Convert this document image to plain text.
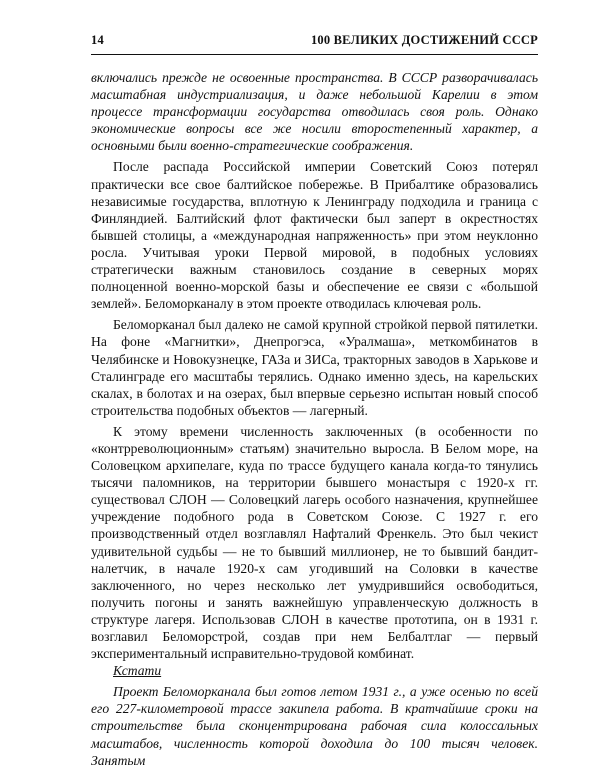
14	100 ВЕЛИКИХ ДОСТИЖЕНИЙ СССР

включались прежде не освоенные пространства. В СССР разворачивалась масштабная индустриализация, и даже небольшой Карелии в этом процессе трансформации государства отводилась своя роль. Однако экономические вопросы все же носили второстепенный характер, а основными были военно-стратегические соображения.

После распада Российской империи Советский Союз потерял практически все свое балтийское побережье. В Прибалтике образовались независимые государства, вплотную к Ленинграду подходила и граница с Финляндией. Балтийский флот фактически был заперт в окрестностях бывшей столицы, а «международная напряженность» при этом неуклонно росла. Учитывая уроки Первой мировой, в подобных условиях стратегически важным становилось создание в северных морях полноценной военно-морской базы и обеспечение ее связи с «большой землей». Беломорканалу в этом проекте отводилась ключевая роль.

Беломорканал был далеко не самой крупной стройкой первой пятилетки. На фоне «Магнитки», Днепрогэса, «Уралмаша», меткомбинатов в Челябинске и Новокузнецке, ГАЗа и ЗИСа, тракторных заводов в Харькове и Сталинграде его масштабы терялись. Однако именно здесь, на карельских скалах, в болотах и на озерах, был впервые серьезно испытан новый способ строительства подобных объектов — лагерный.

К этому времени численность заключенных (в особенности по «контрреволюционным» статьям) значительно выросла. В Белом море, на Соловецком архипелаге, куда по трассе будущего канала когда-то тянулись тысячи паломников, на территории бывшего монастыря с 1920-х гг. существовал СЛОН — Соловецкий лагерь особого назначения, крупнейшее учреждение подобного рода в Советском Союзе. С 1927 г. его производственный отдел возглавлял Нафталий Френкель. Это был чекист удивительной судьбы — не то бывший миллионер, не то бывший бандит-налетчик, в начале 1920-х сам угодивший на Соловки в качестве заключенного, но через несколько лет умудрившийся освободиться, получить погоны и занять важнейшую управленческую должность в структуре лагеря. Использовав СЛОН в качестве прототипа, он в 1931 г. возглавил Беломорстрой, создав при нем Белбалтлаг — первый экспериментальный исправительно-трудовой комбинат.

Кстати

Проект Беломорканала был готов летом 1931 г., а уже осенью по всей его 227-километровой трассе закипела работа. В кратчайшие сроки на строительстве была сконцентрирована рабочая сила колоссальных масштабов, численность которой доходила до 100 тысяч человек. Занятым
